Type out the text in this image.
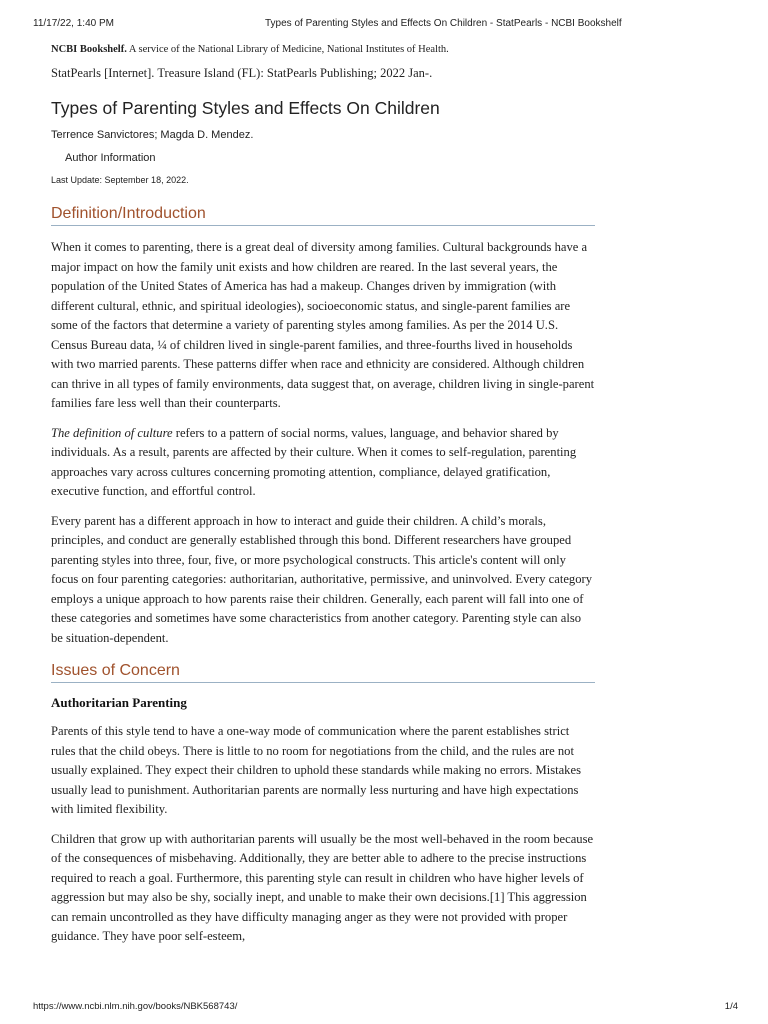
11/17/22, 1:40 PM	Types of Parenting Styles and Effects On Children - StatPearls - NCBI Bookshelf
NCBI Bookshelf. A service of the National Library of Medicine, National Institutes of Health.
StatPearls [Internet]. Treasure Island (FL): StatPearls Publishing; 2022 Jan-.
Types of Parenting Styles and Effects On Children
Terrence Sanvictores; Magda D. Mendez.
Author Information
Last Update: September 18, 2022.
Definition/Introduction

When it comes to parenting, there is a great deal of diversity among families. Cultural backgrounds have a major impact on how the family unit exists and how children are reared. In the last several years, the population of the United States of America has had a makeup. Changes driven by immigration (with different cultural, ethnic, and spiritual ideologies), socioeconomic status, and single-parent families are some of the factors that determine a variety of parenting styles among families. As per the 2014 U.S. Census Bureau data, ¼ of children lived in single-parent families, and three-fourths lived in households with two married parents. These patterns differ when race and ethnicity are considered. Although children can thrive in all types of family environments, data suggest that, on average, children living in single-parent families fare less well than their counterparts.

The definition of culture refers to a pattern of social norms, values, language, and behavior shared by individuals. As a result, parents are affected by their culture. When it comes to self-regulation, parenting approaches vary across cultures concerning promoting attention, compliance, delayed gratification, executive function, and effortful control.

Every parent has a different approach in how to interact and guide their children. A child’s morals, principles, and conduct are generally established through this bond. Different researchers have grouped parenting styles into three, four, five, or more psychological constructs. This article's content will only focus on four parenting categories: authoritarian, authoritative, permissive, and uninvolved. Every category employs a unique approach to how parents raise their children. Generally, each parent will fall into one of these categories and sometimes have some characteristics from another category. Parenting style can also be situation-dependent.

Issues of Concern
Authoritarian Parenting

Parents of this style tend to have a one-way mode of communication where the parent establishes strict rules that the child obeys. There is little to no room for negotiations from the child, and the rules are not usually explained. They expect their children to uphold these standards while making no errors. Mistakes usually lead to punishment. Authoritarian parents are normally less nurturing and have high expectations with limited flexibility.

Children that grow up with authoritarian parents will usually be the most well-behaved in the room because of the consequences of misbehaving. Additionally, they are better able to adhere to the precise instructions required to reach a goal. Furthermore, this parenting style can result in children who have higher levels of aggression but may also be shy, socially inept, and unable to make their own decisions.[1] This aggression can remain uncontrolled as they have difficulty managing anger as they were not provided with proper guidance. They have poor self-esteem,

https://www.ncbi.nlm.nih.gov/books/NBK568743/	1/4
